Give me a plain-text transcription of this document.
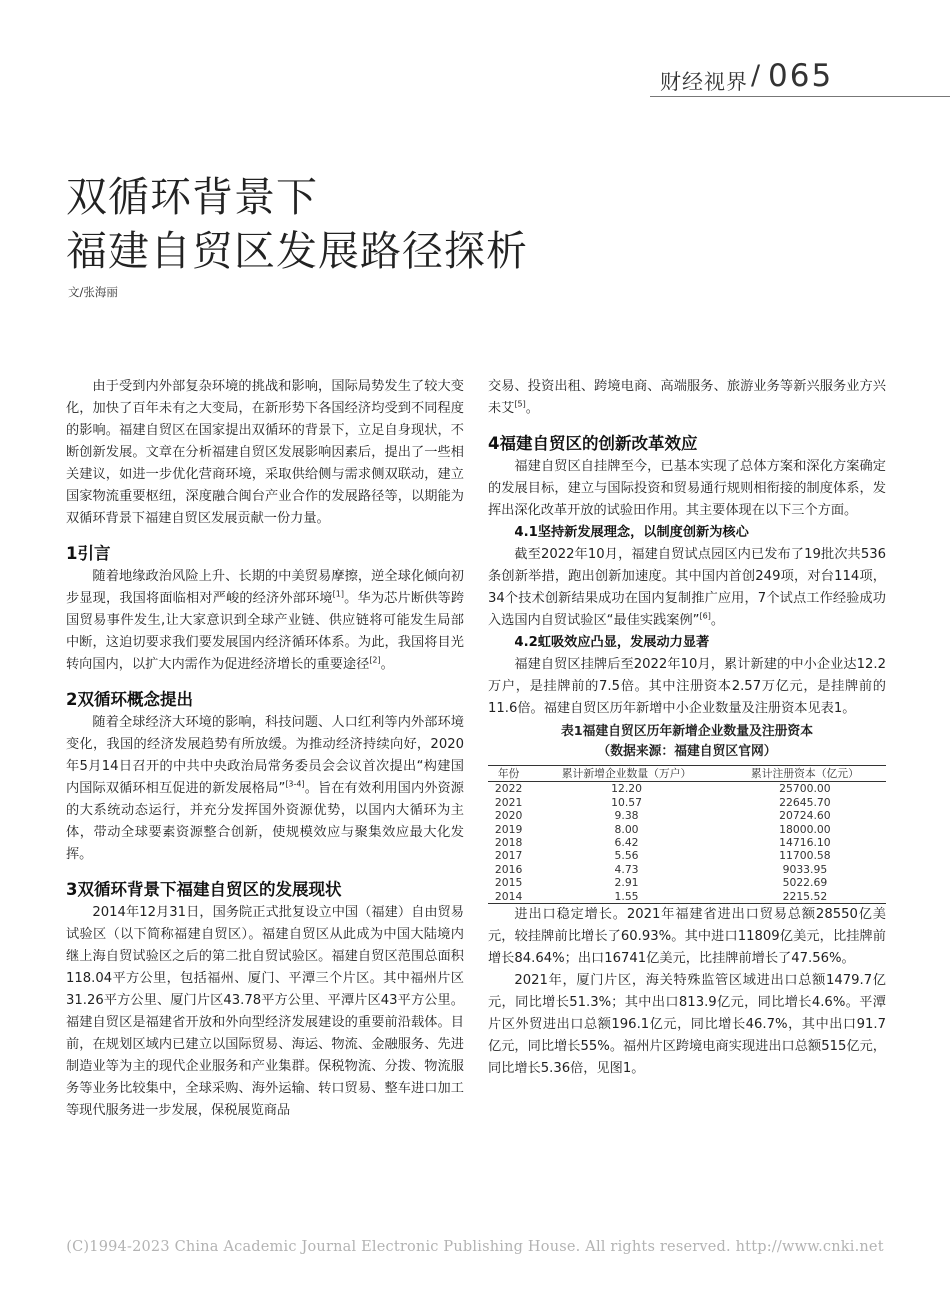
财经视界 / 065
双循环背景下
福建自贸区发展路径探析
文/张海丽

由于受到内外部复杂环境的挑战和影响，国际局势发生了较大变化，加快了百年未有之大变局，在新形势下各国经济均受到不同程度的影响。福建自贸区在国家提出双循环的背景下，立足自身现状，不断创新发展。文章在分析福建自贸区发展影响因素后，提出了一些相关建议，如进一步优化营商环境，采取供给侧与需求侧双联动，建立国家物流重要枢纽，深度融合闽台产业合作的发展路径等，以期能为双循环背景下福建自贸区发展贡献一份力量。

1引言

随着地缘政治风险上升、长期的中美贸易摩擦，逆全球化倾向初步显现，我国将面临相对严峻的经济外部环境[1]。华为芯片断供等跨国贸易事件发生,让大家意识到全球产业链、供应链将可能发生局部中断，这迫切要求我们要发展国内经济循环体系。为此，我国将目光转向国内，以扩大内需作为促进经济增长的重要途径[2]。

2双循环概念提出

随着全球经济大环境的影响，科技问题、人口红利等内外部环境变化，我国的经济发展趋势有所放缓。为推动经济持续向好，2020年5月14日召开的中共中央政治局常务委员会会议首次提出“构建国内国际双循环相互促进的新发展格局”[3-4]。旨在有效利用国内外资源的大系统动态运行，并充分发挥国外资源优势，以国内大循环为主体，带动全球要素资源整合创新，使规模效应与聚集效应最大化发挥。

3双循环背景下福建自贸区的发展现状

2014年12月31日，国务院正式批复设立中国（福建）自由贸易试验区（以下简称福建自贸区）。福建自贸区从此成为中国大陆境内继上海自贸试验区之后的第二批自贸试验区。福建自贸区范围总面积118.04平方公里，包括福州、厦门、平潭三个片区。其中福州片区31.26平方公里、厦门片区43.78平方公里、平潭片区43平方公里。福建自贸区是福建省开放和外向型经济发展建设的重要前沿载体。目前，在规划区域内已建立以国际贸易、海运、物流、金融服务、先进制造业等为主的现代企业服务和产业集群。保税物流、分拨、物流服务等业务比较集中，全球采购、海外运输、转口贸易、整车进口加工等现代服务进一步发展，保税展览商品

交易、投资出租、跨境电商、高端服务、旅游业务等新兴服务业方兴未艾[5]。

4福建自贸区的创新改革效应

福建自贸区自挂牌至今，已基本实现了总体方案和深化方案确定的发展目标，建立与国际投资和贸易通行规则相衔接的制度体系，发挥出深化改革开放的试验田作用。其主要体现在以下三个方面。

4.1坚持新发展理念，以制度创新为核心

截至2022年10月，福建自贸试点园区内已发布了19批次共536条创新举措，跑出创新加速度。其中国内首创249项，对台114项，34个技术创新结果成功在国内复制推广应用，7个试点工作经验成功入选国内自贸试验区“最佳实践案例”[6]。

4.2虹吸效应凸显，发展动力显著

福建自贸区挂牌后至2022年10月，累计新建的中小企业达12.2万户，是挂牌前的7.5倍。其中注册资本2.57万亿元，是挂牌前的11.6倍。福建自贸区历年新增中小企业数量及注册资本见表1。

表1福建自贸区历年新增企业数量及注册资本
（数据来源：福建自贸区官网）
年份	累计新增企业数量（万户）	累计注册资本（亿元）
2022	12.20	25700.00
2021	10.57	22645.70
2020	9.38	20724.60
2019	8.00	18000.00
2018	6.42	14716.10
2017	5.56	11700.58
2016	4.73	9033.95
2015	2.91	5022.69
2014	1.55	2215.52

进出口稳定增长。2021年福建省进出口贸易总额28550亿美元，较挂牌前比增长了60.93%。其中进口11809亿美元，比挂牌前增长84.64%；出口16741亿美元，比挂牌前增长了47.56%。

2021年，厦门片区，海关特殊监管区域进出口总额1479.7亿元，同比增长51.3%；其中出口813.9亿元，同比增长4.6%。平潭片区外贸进出口总额196.1亿元，同比增长46.7%，其中出口91.7亿元，同比增长55%。福州片区跨境电商实现进出口总额515亿元，同比增长5.36倍，见图1。

(C)1994-2023 China Academic Journal Electronic Publishing House. All rights reserved. http://www.cnki.net
